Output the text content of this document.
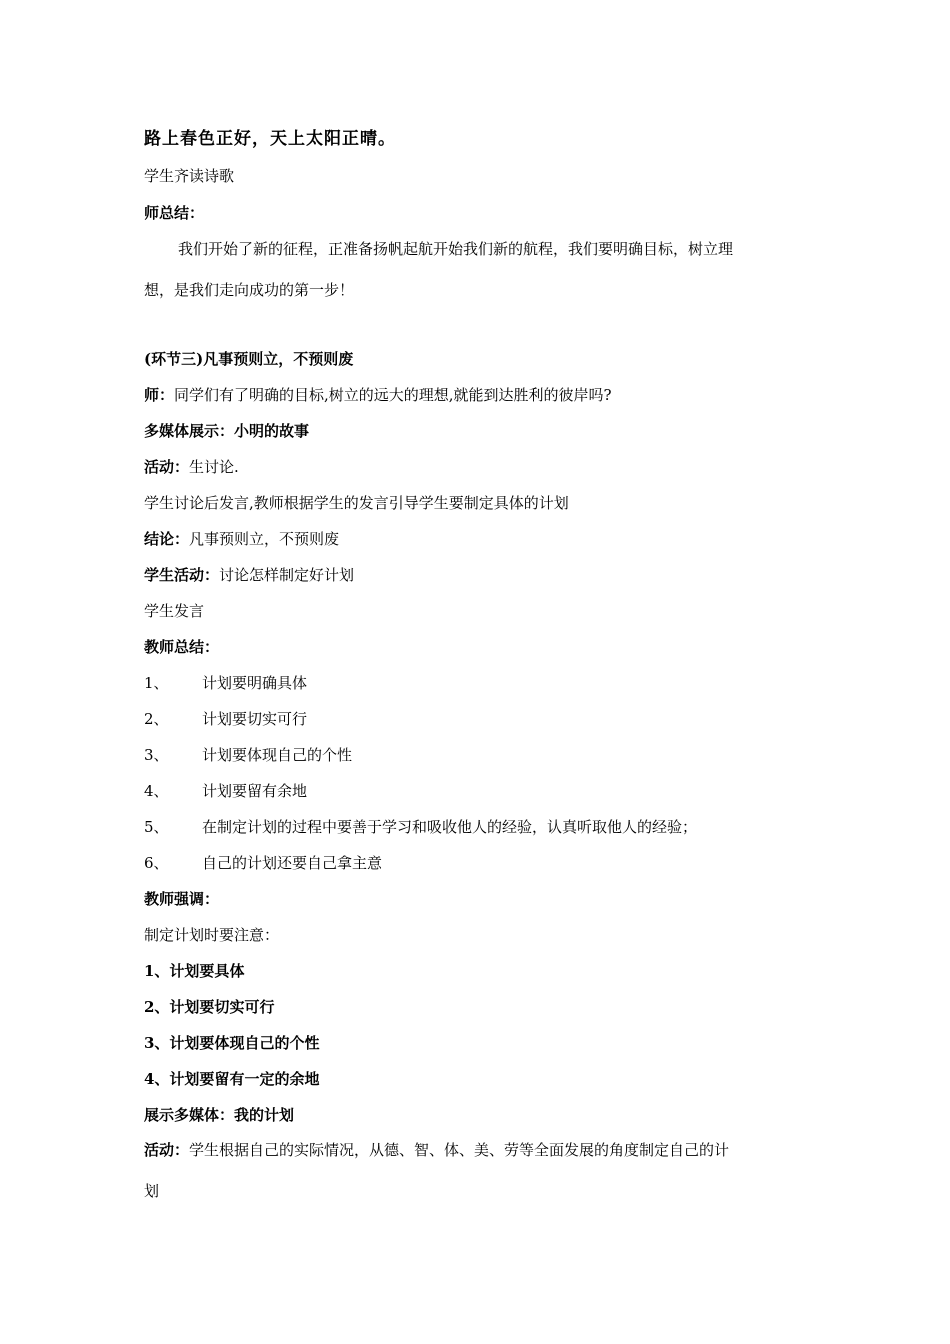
路上春色正好，天上太阳正晴。
学生齐读诗歌
师总结：
我们开始了新的征程，正准备扬帆起航开始我们新的航程，我们要明确目标，树立理
想，是我们走向成功的第一步！
(环节三)凡事预则立，不预则废
师：同学们有了明确的目标,树立的远大的理想,就能到达胜利的彼岸吗?
多媒体展示：小明的故事
活动：生讨论.
学生讨论后发言,教师根据学生的发言引导学生要制定具体的计划
结论：凡事预则立，不预则废
学生活动：讨论怎样制定好计划
学生发言
教师总结：
1、 计划要明确具体
2、 计划要切实可行
3、 计划要体现自己的个性
4、 计划要留有余地
5、 在制定计划的过程中要善于学习和吸收他人的经验，认真听取他人的经验；
6、 自己的计划还要自己拿主意
教师强调：
制定计划时要注意：
1、计划要具体
2、计划要切实可行
3、计划要体现自己的个性
4、计划要留有一定的余地
展示多媒体：我的计划
活动：学生根据自己的实际情况，从德、智、体、美、劳等全面发展的角度制定自己的计
划
